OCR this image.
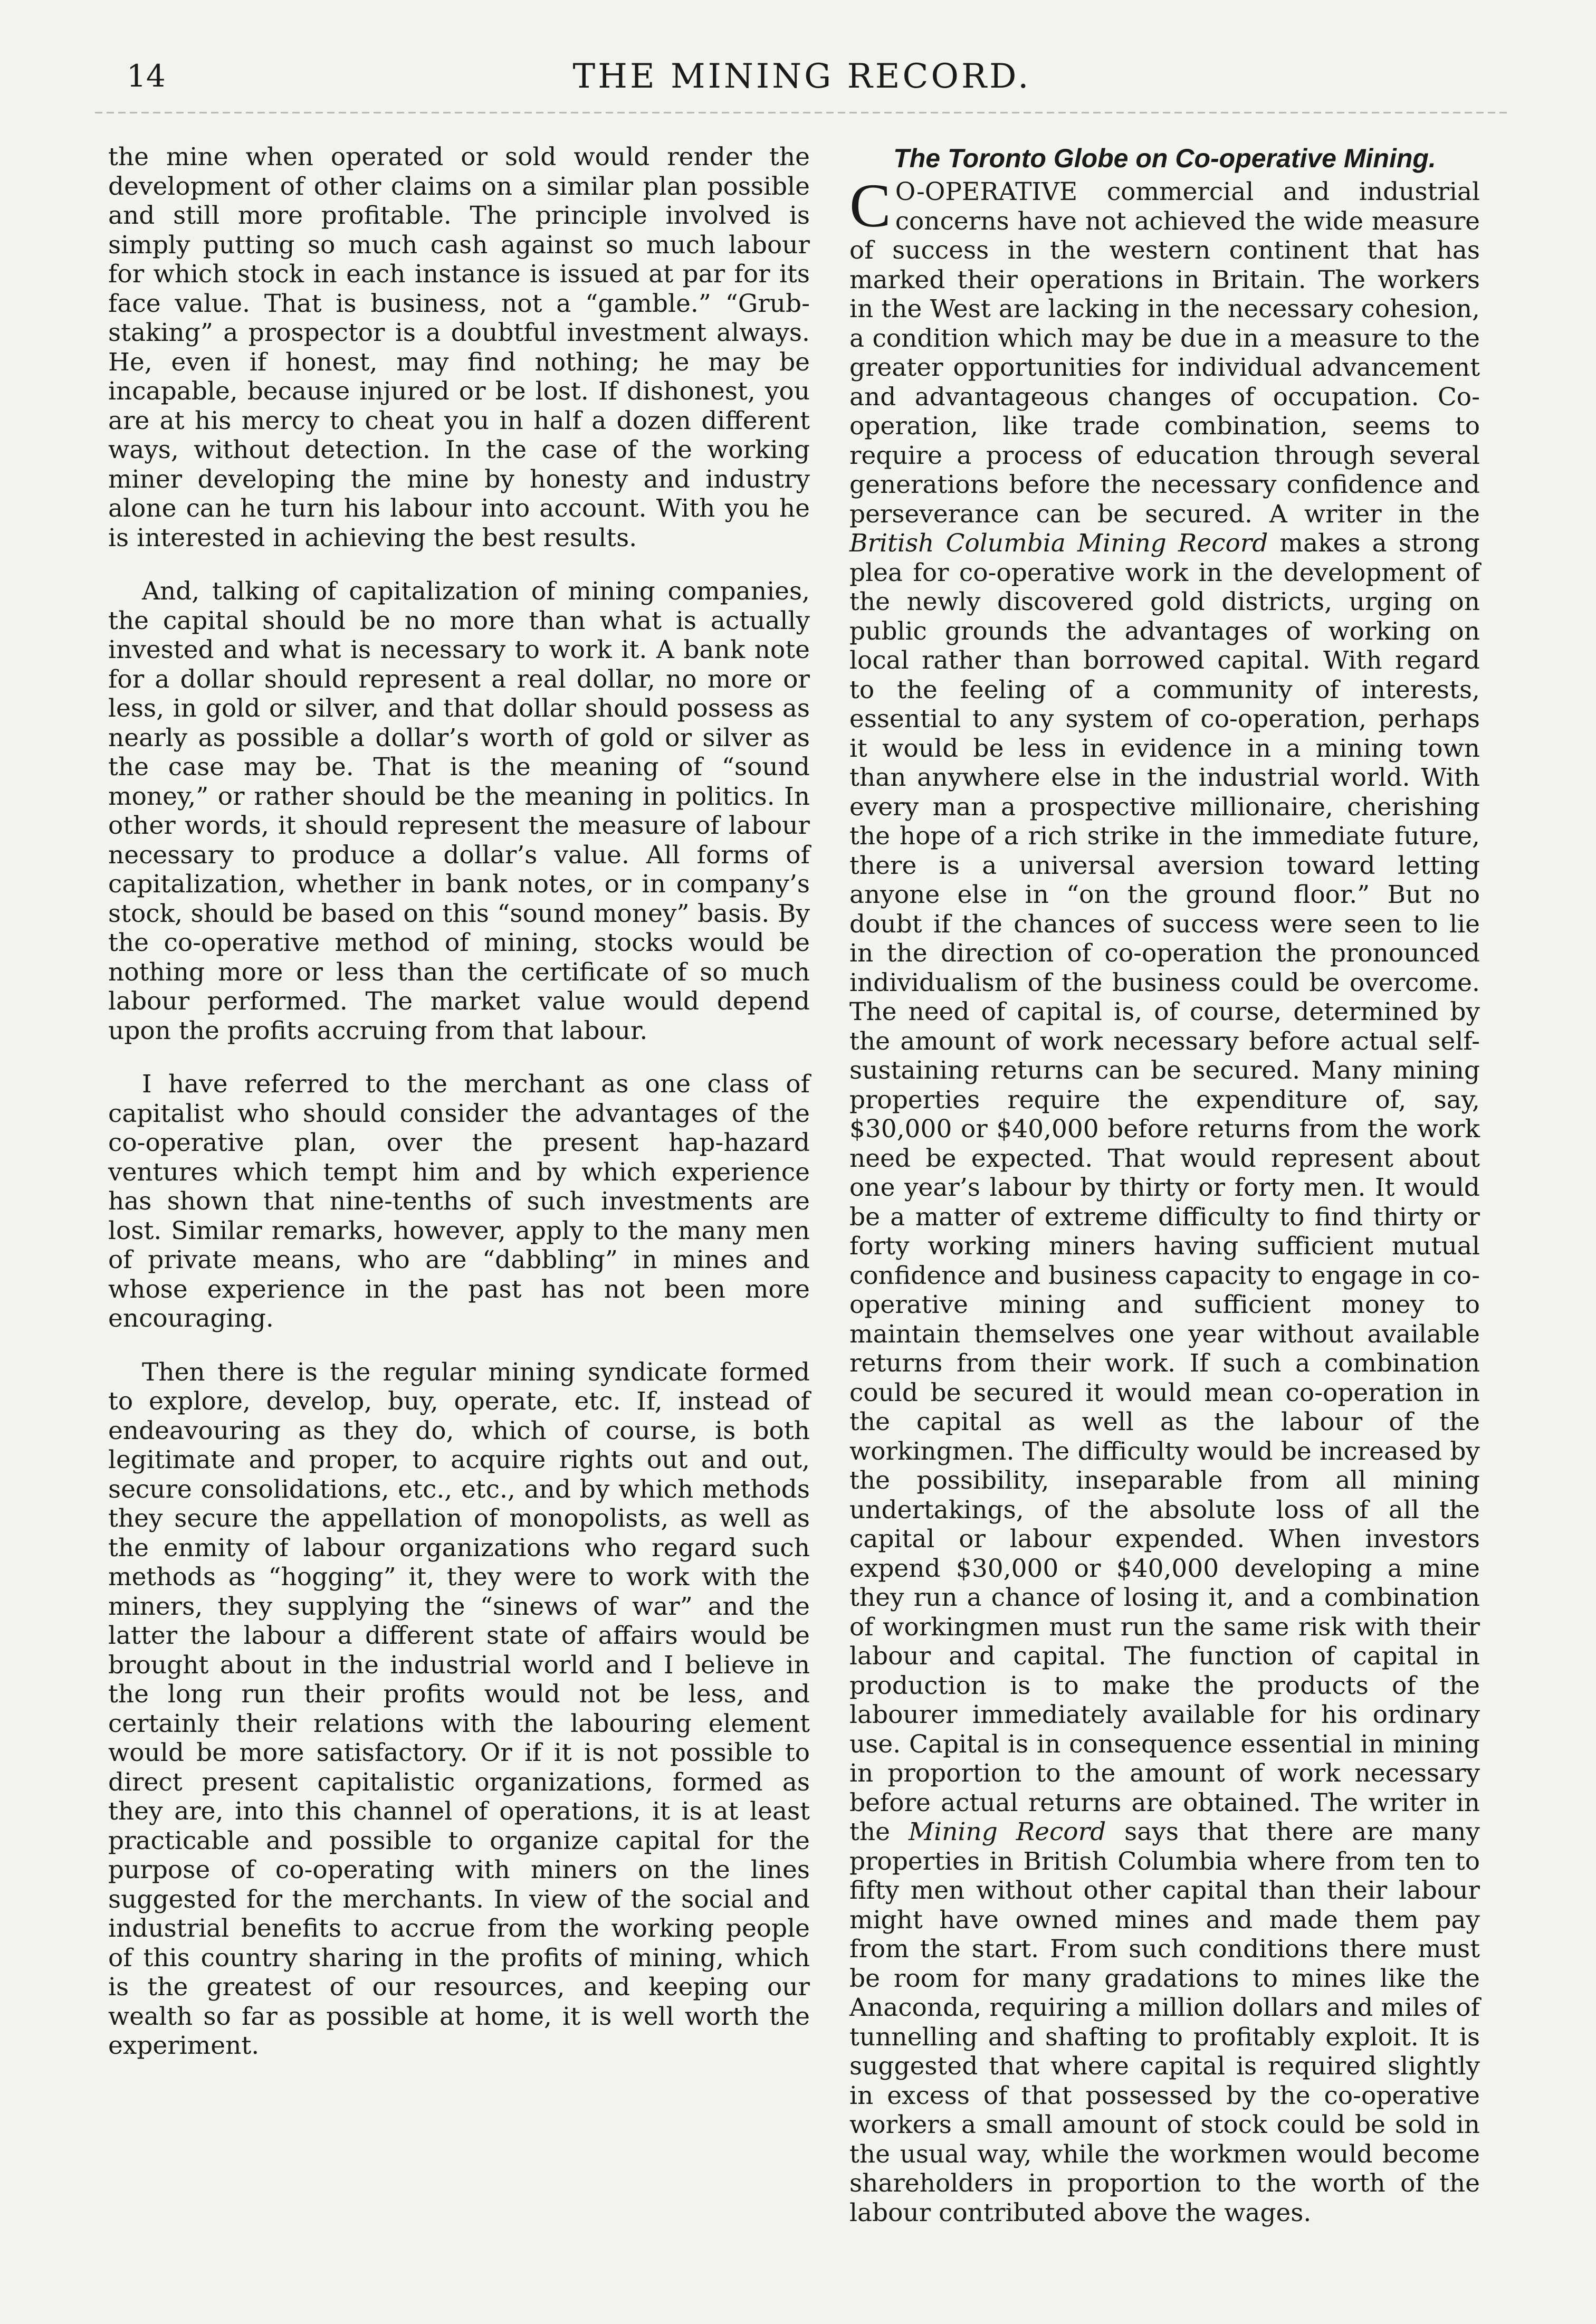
14	THE MINING RECORD.

the mine when operated or sold would render the development of other claims on a similar plan possible and still more profitable. The principle involved is simply putting so much cash against so much labour for which stock in each instance is issued at par for its face value. That is business, not a “gamble.” “Grub-staking” a prospector is a doubtful investment always. He, even if honest, may find nothing; he may be incapable, because injured or be lost. If dishonest, you are at his mercy to cheat you in half a dozen different ways, without detection. In the case of the working miner developing the mine by honesty and industry alone can he turn his labour into account. With you he is interested in achieving the best results.

And, talking of capitalization of mining companies, the capital should be no more than what is actually invested and what is necessary to work it. A bank note for a dollar should represent a real dollar, no more or less, in gold or silver, and that dollar should possess as nearly as possible a dollar’s worth of gold or silver as the case may be. That is the meaning of “sound money,” or rather should be the meaning in politics. In other words, it should represent the measure of labour necessary to produce a dollar’s value. All forms of capitalization, whether in bank notes, or in company’s stock, should be based on this “sound money” basis. By the co-operative method of mining, stocks would be nothing more or less than the certificate of so much labour performed. The market value would depend upon the profits accruing from that labour.

I have referred to the merchant as one class of capitalist who should consider the advantages of the co-operative plan, over the present hap-hazard ventures which tempt him and by which experience has shown that nine-tenths of such investments are lost. Similar remarks, however, apply to the many men of private means, who are “dabbling” in mines and whose experience in the past has not been more encouraging.

Then there is the regular mining syndicate formed to explore, develop, buy, operate, etc. If, instead of endeavouring as they do, which of course, is both legitimate and proper, to acquire rights out and out, secure consolidations, etc., etc., and by which methods they secure the appellation of monopolists, as well as the enmity of labour organizations who regard such methods as “hogging” it, they were to work with the miners, they supplying the “sinews of war” and the latter the labour a different state of affairs would be brought about in the industrial world and I believe in the long run their profits would not be less, and certainly their relations with the labouring element would be more satisfactory. Or if it is not possible to direct present capitalistic organizations, formed as they are, into this channel of operations, it is at least practicable and possible to organize capital for the purpose of co-operating with miners on the lines suggested for the merchants. In view of the social and industrial benefits to accrue from the working people of this country sharing in the profits of mining, which is the greatest of our resources, and keeping our wealth so far as possible at home, it is well worth the experiment.

The Toronto Globe on Co-operative Mining.

C O-OPERATIVE commercial and industrial concerns have not achieved the wide measure of success in the western continent that has marked their operations in Britain. The workers in the West are lacking in the necessary cohesion, a condition which may be due in a measure to the greater opportunities for individual advancement and advantageous changes of occupation. Co-operation, like trade combination, seems to require a process of education through several generations before the necessary confidence and perseverance can be secured. A writer in the British Columbia Mining Record makes a strong plea for co-operative work in the development of the newly discovered gold districts, urging on public grounds the advantages of working on local rather than borrowed capital. With regard to the feeling of a community of interests, essential to any system of co-operation, perhaps it would be less in evidence in a mining town than anywhere else in the industrial world. With every man a prospective millionaire, cherishing the hope of a rich strike in the immediate future, there is a universal aversion toward letting anyone else in “on the ground floor.” But no doubt if the chances of success were seen to lie in the direction of co-operation the pronounced individualism of the business could be overcome. The need of capital is, of course, determined by the amount of work necessary before actual self-sustaining returns can be secured. Many mining properties require the expenditure of, say, $30,000 or $40,000 before returns from the work need be expected. That would represent about one year’s labour by thirty or forty men. It would be a matter of extreme difficulty to find thirty or forty working miners having sufficient mutual confidence and business capacity to engage in co-operative mining and sufficient money to maintain themselves one year without available returns from their work. If such a combination could be secured it would mean co-operation in the capital as well as the labour of the workingmen. The difficulty would be increased by the possibility, inseparable from all mining undertakings, of the absolute loss of all the capital or labour expended. When investors expend $30,000 or $40,000 developing a mine they run a chance of losing it, and a combination of workingmen must run the same risk with their labour and capital. The function of capital in production is to make the products of the labourer immediately available for his ordinary use. Capital is in consequence essential in mining in proportion to the amount of work necessary before actual returns are obtained. The writer in the Mining Record says that there are many properties in British Columbia where from ten to fifty men without other capital than their labour might have owned mines and made them pay from the start. From such conditions there must be room for many gradations to mines like the Anaconda, requiring a million dollars and miles of tunnelling and shafting to profitably exploit. It is suggested that where capital is required slightly in excess of that possessed by the co-operative workers a small amount of stock could be sold in the usual way, while the workmen would become shareholders in proportion to the worth of the labour contributed above the wages.
